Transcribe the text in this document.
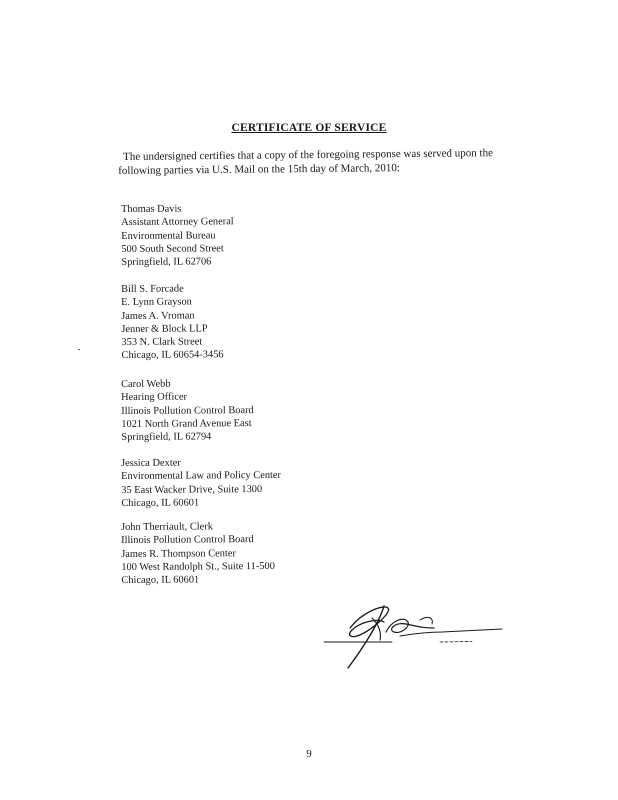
CERTIFICATE OF SERVICE
The undersigned certifies that a copy of the foregoing response was served upon the
following parties via U.S. Mail on the 15th day of March, 2010:
Thomas Davis
Assistant Attorney General
Environmental Bureau
500 South Second Street
Springfield, IL 62706
Bill S. Forcade
E. Lynn Grayson
James A. Vroman
Jenner & Block LLP
353 N. Clark Street
Chicago, IL 60654-3456
Carol Webb
Hearing Officer
Illinois Pollution Control Board
1021 North Grand Avenue East
Springfield, IL 62794
Jessica Dexter
Environmental Law and Policy Center
35 East Wacker Drive, Suite 1300
Chicago, IL 60601
John Therriault, Clerk
Illinois Pollution Control Board
James R. Thompson Center
100 West Randolph St., Suite 11-500
Chicago, IL 60601
9
